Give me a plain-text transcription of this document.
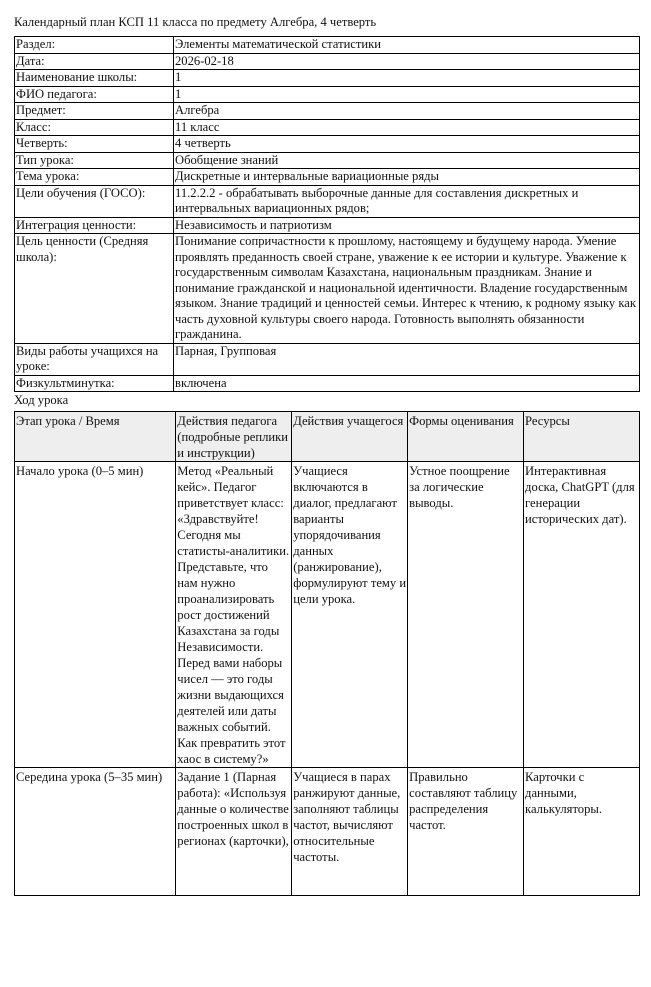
Календарный план КСП 11 класса по предмету Алгебра, 4 четверть
Раздел:	Элементы математической статистики
Дата:	2026-02-18
Наименование школы:	1
ФИО педагога:	1
Предмет:	Алгебра
Класс:	11 класс
Четверть:	4 четверть
Тип урока:	Обобщение знаний
Тема урока:	Дискретные и интервальные вариационные ряды
Цели обучения (ГОСО):	11.2.2.2 - обрабатывать выборочные данные для составления дискретных и интервальных вариационных рядов;
Интеграция ценности:	Независимость и патриотизм
Цель ценности (Средняя школа):	Понимание сопричастности к прошлому, настоящему и будущему народа. Умение проявлять преданность своей стране, уважение к ее истории и культуре. Уважение к государственным символам Казахстана, национальным праздникам. Знание и понимание гражданской и национальной идентичности. Владение государственным языком. Знание традиций и ценностей семьи. Интерес к чтению, к родному языку как часть духовной культуры своего народа. Готовность выполнять обязанности гражданина.
Виды работы учащихся на уроке:	Парная, Групповая
Физкультминутка:	включена
Ход урока
Этап урока / Время	Действия педагога (подробные реплики и инструкции)	Действия учащегося	Формы оценивания	Ресурсы
Начало урока (0–5 мин)	Метод «Реальный кейс». Педагог приветствует класс: «Здравствуйте! Сегодня мы статисты-аналитики. Представьте, что нам нужно проанализировать рост достижений Казахстана за годы Независимости. Перед вами наборы чисел — это годы жизни выдающихся деятелей или даты важных событий. Как превратить этот хаос в систему?»	Учащиеся включаются в диалог, предлагают варианты упорядочивания данных (ранжирование), формулируют тему и цели урока.	Устное поощрение за логические выводы.	Интерактивная доска, ChatGPT (для генерации исторических дат).

Середина урока (5–35 мин)	Задание 1 (Парная работа): «Используя данные о количестве построенных школ в регионах (карточки),	Учащиеся в парах ранжируют данные, заполняют таблицы частот, вычисляют относительные частоты.	Правильно составляют таблицу распределения частот.	Карточки с данными, калькуляторы.
